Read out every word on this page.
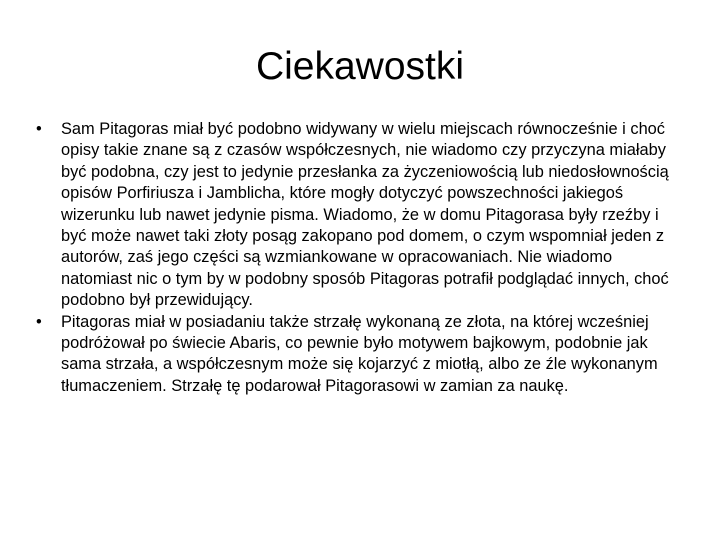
Ciekawostki
•	Sam Pitagoras miał być podobno widywany w wielu miejscach równocześnie i choć opisy takie znane są z czasów współczesnych, nie wiadomo czy przyczyna miałaby być podobna, czy jest to jedynie przesłanka za życzeniowością lub niedosłownością opisów Porfiriusza i Jamblicha, które mogły dotyczyć powszechności jakiegoś wizerunku lub nawet jedynie pisma. Wiadomo, że w domu Pitagorasa były rzeźby i być może nawet taki złoty posąg zakopano pod domem, o czym wspomniał jeden z autorów, zaś jego części są wzmiankowane w opracowaniach. Nie wiadomo natomiast nic o tym by w podobny sposób Pitagoras potrafił podglądać innych, choć podobno był przewidujący.
•	Pitagoras miał w posiadaniu także strzałę wykonaną ze złota, na której wcześniej podróżował po świecie Abaris, co pewnie było motywem bajkowym, podobnie jak sama strzała, a współczesnym może się kojarzyć z miotłą, albo ze źle wykonanym tłumaczeniem. Strzałę tę podarował Pitagorasowi w zamian za naukę.
